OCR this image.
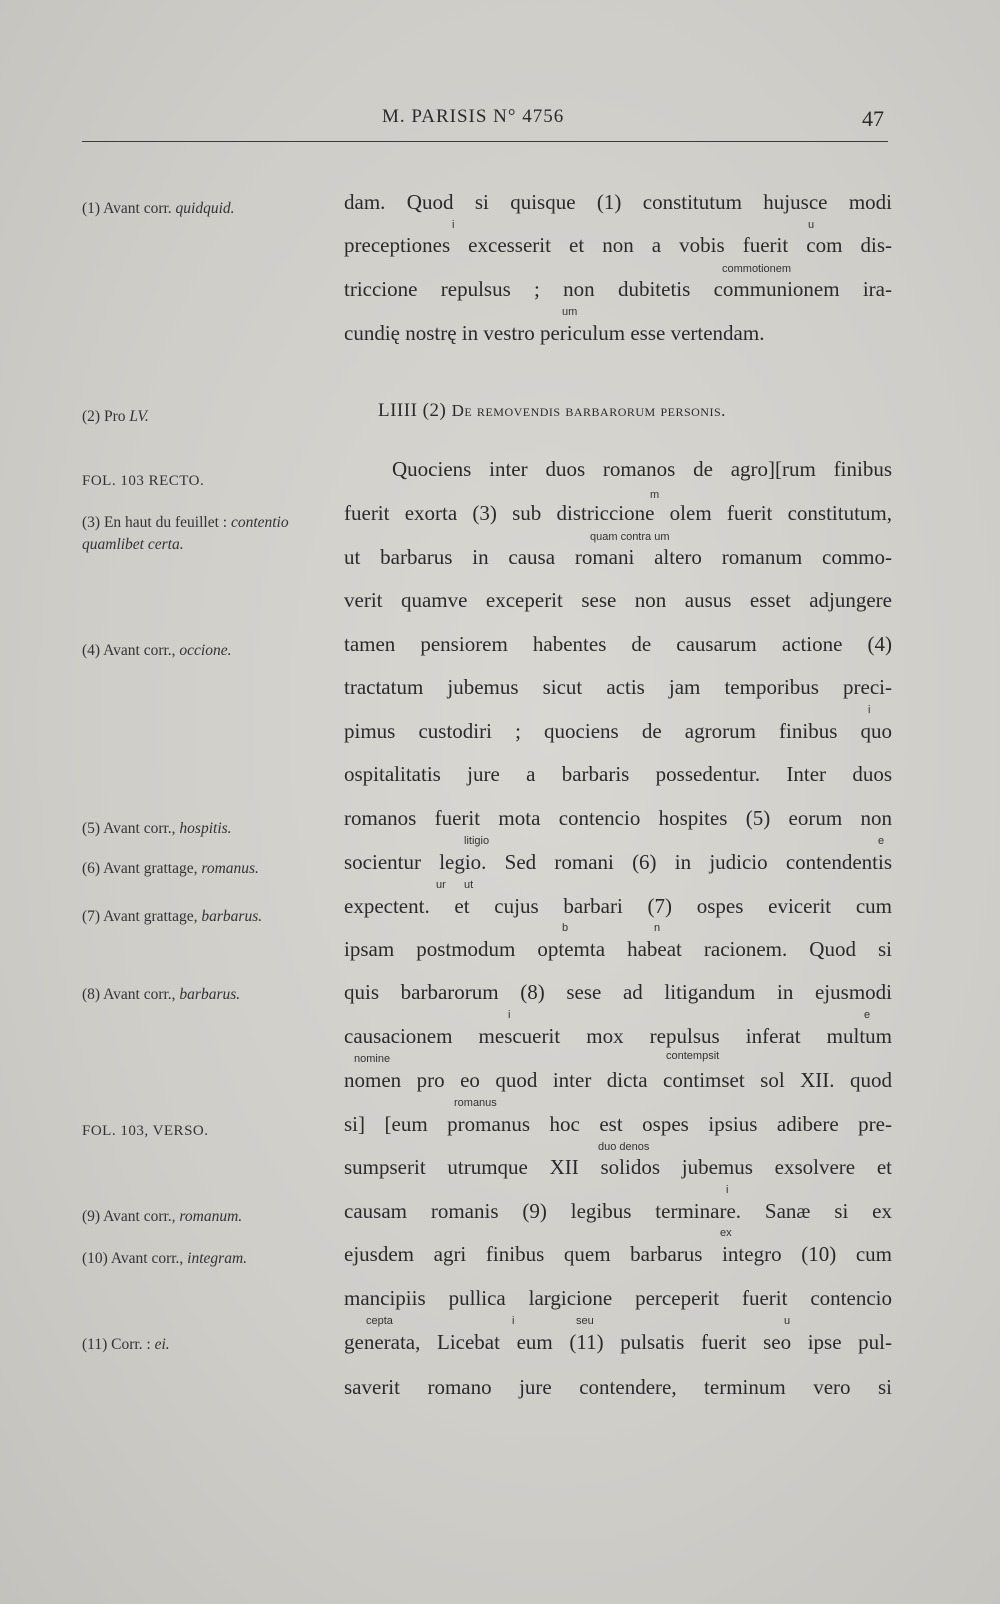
M. PARISIS N° 4756	47
(1) Avant corr. quidquid.
(2) Pro LV.
FOL. 103 RECTO.
(3) En haut du feuillet : contentio quamlibet certa.
(4) Avant corr., occione.
(5) Avant corr., hospitis.
(6) Avant grattage, romanus.
(7) Avant grattage, barbarus.
(8) Avant corr., barbarus.
FOL. 103, VERSO.
(9) Avant corr., romanum.
(10) Avant corr., integram.
(11) Corr. : ei.
LIIII (2) De removendis barbarorum personis.
dam. Quod si quisque (1) constitutum hujusce modi
preceptiones excesserit et non a vobis fuerit com dis-
triccione repulsus ; non dubitetis communionem ira-
cundię nostrę in vestro periculum esse vertendam.
Quociens inter duos romanos de agro][rum finibus
fuerit exorta (3) sub districcione olem fuerit constitutum,
ut barbarus in causa romani altero romanum commo-
verit quamve exceperit sese non ausus esset adjungere
tamen pensiorem habentes de causarum actione (4)
tractatum jubemus sicut actis jam temporibus preci-
pimus custodiri ; quociens de agrorum finibus quo
ospitalitatis jure a barbaris possedentur. Inter duos
romanos fuerit mota contencio hospites (5) eorum non
socientur legio. Sed romani (6) in judicio contendentis
expectent. et cujus barbari (7) ospes evicerit cum
ipsam postmodum optemta habeat racionem. Quod si
quis barbarorum (8) sese ad litigandum in ejusmodi
causacionem mescuerit mox repulsus inferat multum
nomen pro eo quod inter dicta contimset sol XII. quod
si] [eum promanus hoc est ospes ipsius adibere pre-
sumpserit utrumque XII solidos jubemus exsolvere et
causam romanis (9) legibus terminare. Sanæ si ex
ejusdem agri finibus quem barbarus integro (10) cum
mancipiis pullica largicione perceperit fuerit contencio
generata, Licebat eum (11) pulsatis fuerit seo ipse pul-
saverit romano jure contendere, terminum vero si
i	u
commotionem
um
m
quam contra um
i
litigio	e
ur ut
b	n
i	e
nomine	contempsit
romanus
duo denos
i
ex
cepta	i	seu	u
